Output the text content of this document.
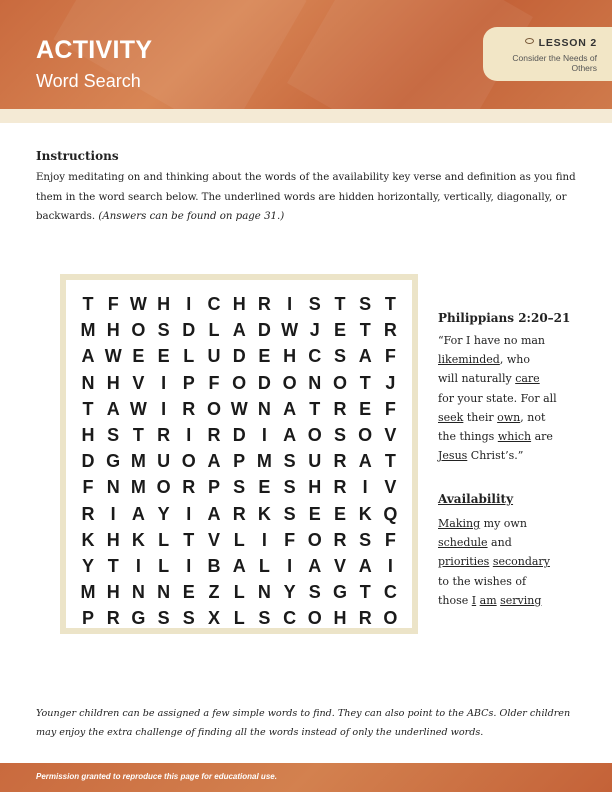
ACTIVITY
Word Search
LESSON 2
Consider the Needs of Others
Instructions
Enjoy meditating on and thinking about the words of the availability key verse and definition as you find them in the word search below. The underlined words are hidden horizontally, vertically, diagonally, or backwards. (Answers can be found on page 31.)
T F W H I C H R I S T S T
M H O S D L A D W J E T R
A W E E L U D E H C S A F
N H V I P F O D O N O T J
T A W I R O W N A T R E F
H S T R I R D I A O S O V
D G M U O A P M S U R A T
F N M O R P S E S H R I V
R I A Y I A R K S E E K Q
K H K L T V L I F O R S F
Y T I L I B A L I A V A I
M H N N E Z L N Y S G T C
P R G S S X L S C O H R O
Philippians 2:20–21
“For I have no man
likeminded, who
will naturally care
for your state. For all
seek their own, not
the things which are
Jesus Christ’s.”
Availability
Making my own
schedule and
priorities secondary
to the wishes of
those I am serving
Younger children can be assigned a few simple words to find. They can also point to the ABCs. Older children may enjoy the extra challenge of finding all the words instead of only the underlined words.
Permission granted to reproduce this page for educational use.
